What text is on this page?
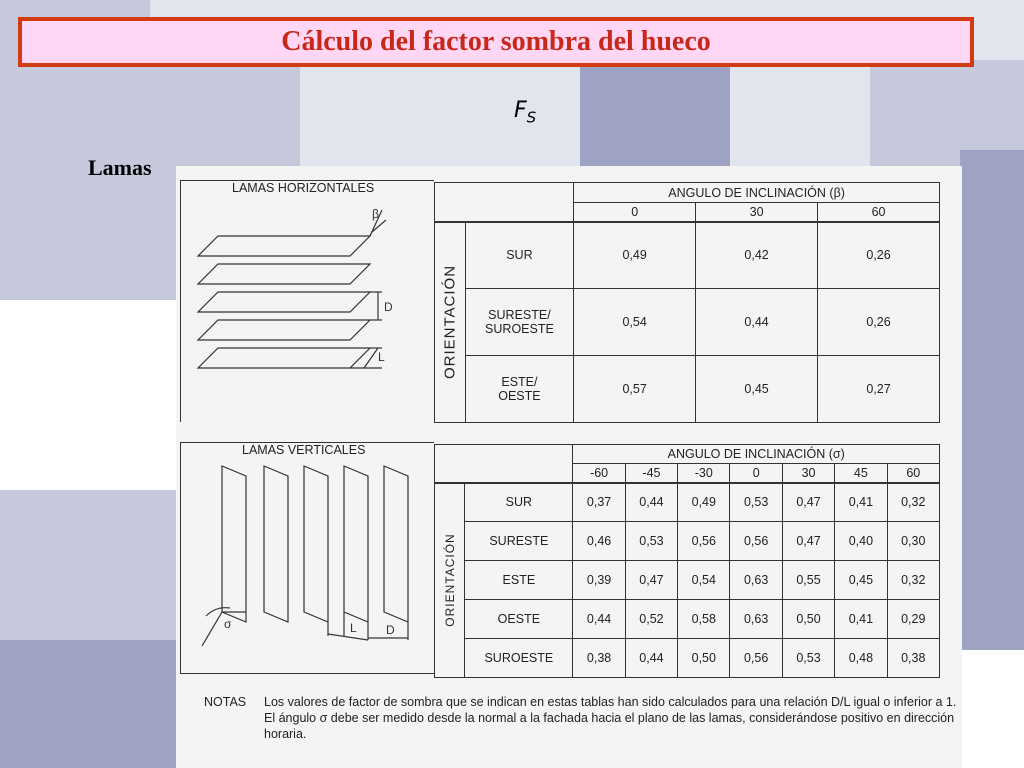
Cálculo del factor sombra del hueco
$F_S$
Lamas
LAMAS HORIZONTALES
β
D
L
		ANGULO DE INCLINACIÓN (β)		
		0	30	60

ORIENTACIÓN	SUR	0,49	0,42	0,26
	SURESTE/
SUROESTE	0,54	0,44	0,26
	ESTE/
OESTE	0,57	0,45	0,27
LAMAS VERTICALES
σ	L D
		ANGULO DE INCLINACIÓN (σ)						
		-60	-45	-30	0	30	45	60

ORIENTACIÓN	SUR	0,37	0,44	0,49	0,53	0,47	0,41	0,32
	SURESTE	0,46	0,53	0,56	0,56	0,47	0,40	0,30
	ESTE	0,39	0,47	0,54	0,63	0,55	0,45	0,32
	OESTE	0,44	0,52	0,58	0,63	0,50	0,41	0,29
	SUROESTE	0,38	0,44	0,50	0,56	0,53	0,48	0,38
NOTAS Los valores de factor de sombra que se indican en estas tablas han sido calculados para una relación D/L igual o inferior a 1.
El ángulo σ debe ser medido desde la normal a la fachada hacia el plano de las lamas, considerándose positivo en dirección horaria.
